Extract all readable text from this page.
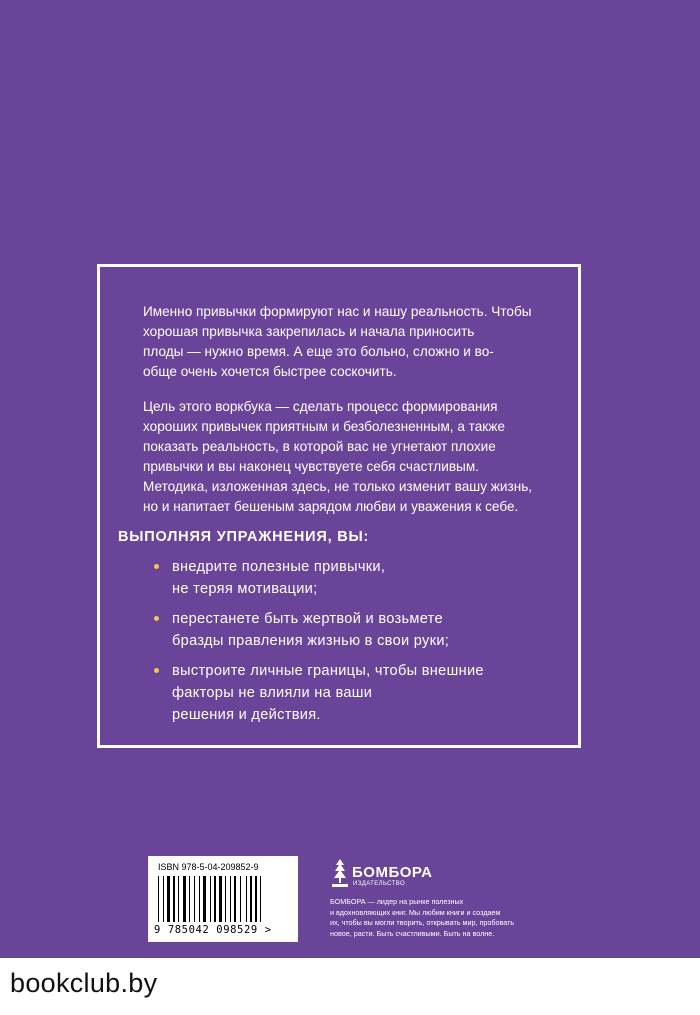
Именно привычки формируют нас и нашу реальность. Чтобы
хорошая привычка закрепилась и начала приносить
плоды — нужно время. А еще это больно, сложно и во-
обще очень хочется быстрее соскочить.

Цель этого воркбука — сделать процесс формирования
хороших привычек приятным и безболезненным, а также
показать реальность, в которой вас не угнетают плохие
привычки и вы наконец чувствуете себя счастливым.
Методика, изложенная здесь, не только изменит вашу жизнь,
но и напитает бешеным зарядом любви и уважения к себе.

ВЫПОЛНЯЯ УПРАЖНЕНИЯ, ВЫ:

внедрите полезные привычки,
не теряя мотивации;
перестанете быть жертвой и возьмете
бразды правления жизнью в свои руки;
выстроите личные границы, чтобы внешние
факторы не влияли на ваши
решения и действия.
ISBN 978-5-04-209852-9
9 785042 098529 >
БОМБОРА
ИЗДАТЕЛЬСТВО

БОМБОРА — лидер на рынке полезных
и вдохновляющих книг. Мы любим книги и создаем
их, чтобы вы могли творить, открывать мир, пробовать
новое, расти. Быть счастливыми. Быть на волне.

bookclub.by
